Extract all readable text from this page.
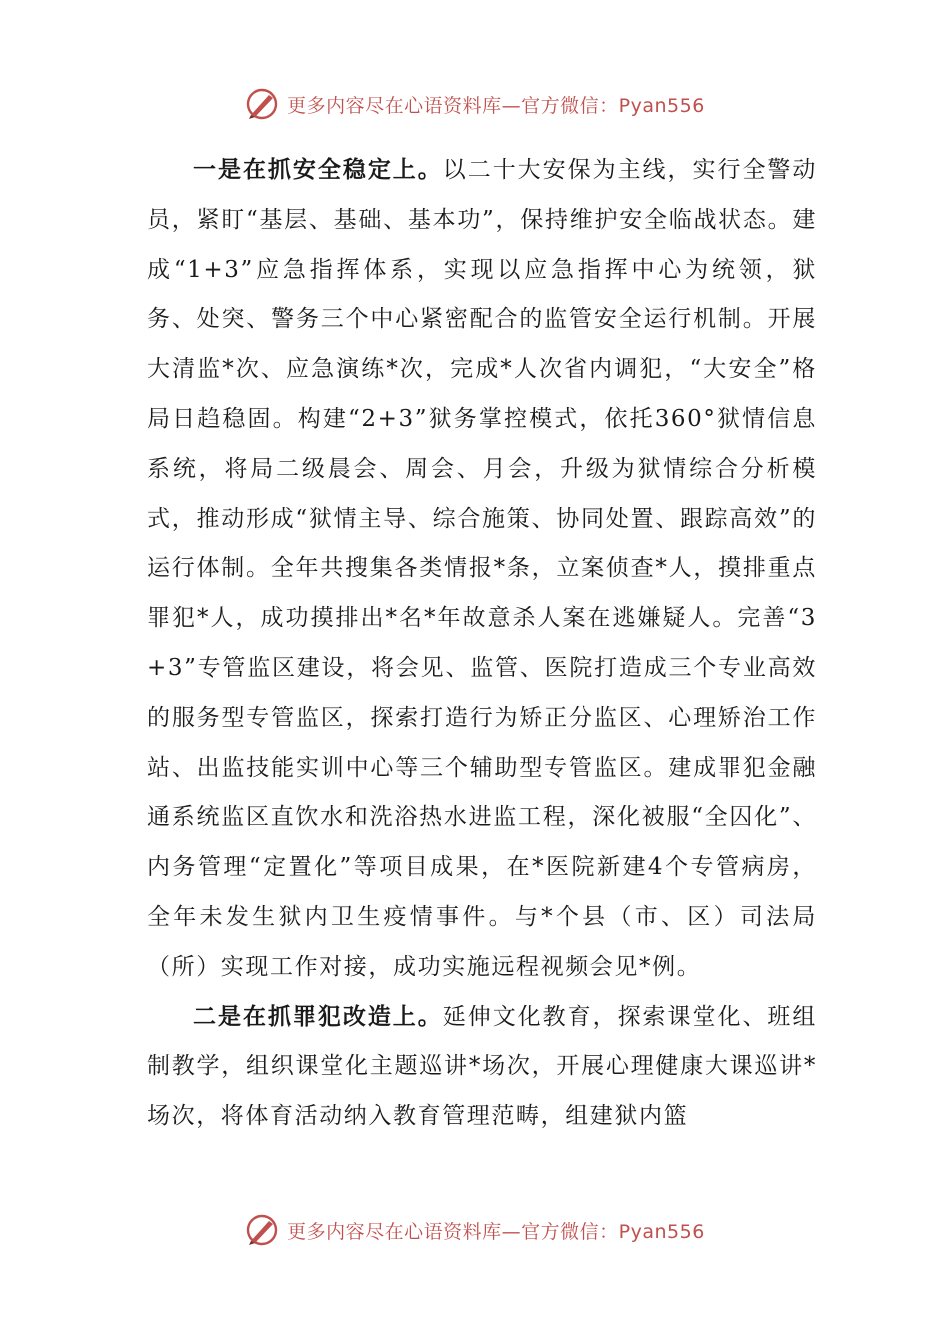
更多内容尽在心语资料库—官方微信：Pyan556

一是在抓安全稳定上。以二十大安保为主线，实行全警动员，紧盯“基层、基础、基本功”，保持维护安全临战状态。建成“1+3”应急指挥体系，实现以应急指挥中心为统领，狱务、处突、警务三个中心紧密配合的监管安全运行机制。开展大清监*次、应急演练*次，完成*人次省内调犯，“大安全”格局日趋稳固。构建“2+3”狱务掌控模式，依托360°狱情信息系统，将局二级晨会、周会、月会，升级为狱情综合分析模式，推动形成“狱情主导、综合施策、协同处置、跟踪高效”的运行体制。全年共搜集各类情报*条，立案侦查*人，摸排重点罪犯*人，成功摸排出*名*年故意杀人案在逃嫌疑人。完善“3+3”专管监区建设，将会见、监管、医院打造成三个专业高效的服务型专管监区，探索打造行为矫正分监区、心理矫治工作站、出监技能实训中心等三个辅助型专管监区。建成罪犯金融通系统监区直饮水和洗浴热水进监工程，深化被服“全囚化”、内务管理“定置化”等项目成果，在*医院新建4个专管病房，全年未发生狱内卫生疫情事件。与*个县（市、区）司法局（所）实现工作对接，成功实施远程视频会见*例。

二是在抓罪犯改造上。延伸文化教育，探索课堂化、班组制教学，组织课堂化主题巡讲*场次，开展心理健康大课巡讲*场次，将体育活动纳入教育管理范畴，组建狱内篮

更多内容尽在心语资料库—官方微信：Pyan556
